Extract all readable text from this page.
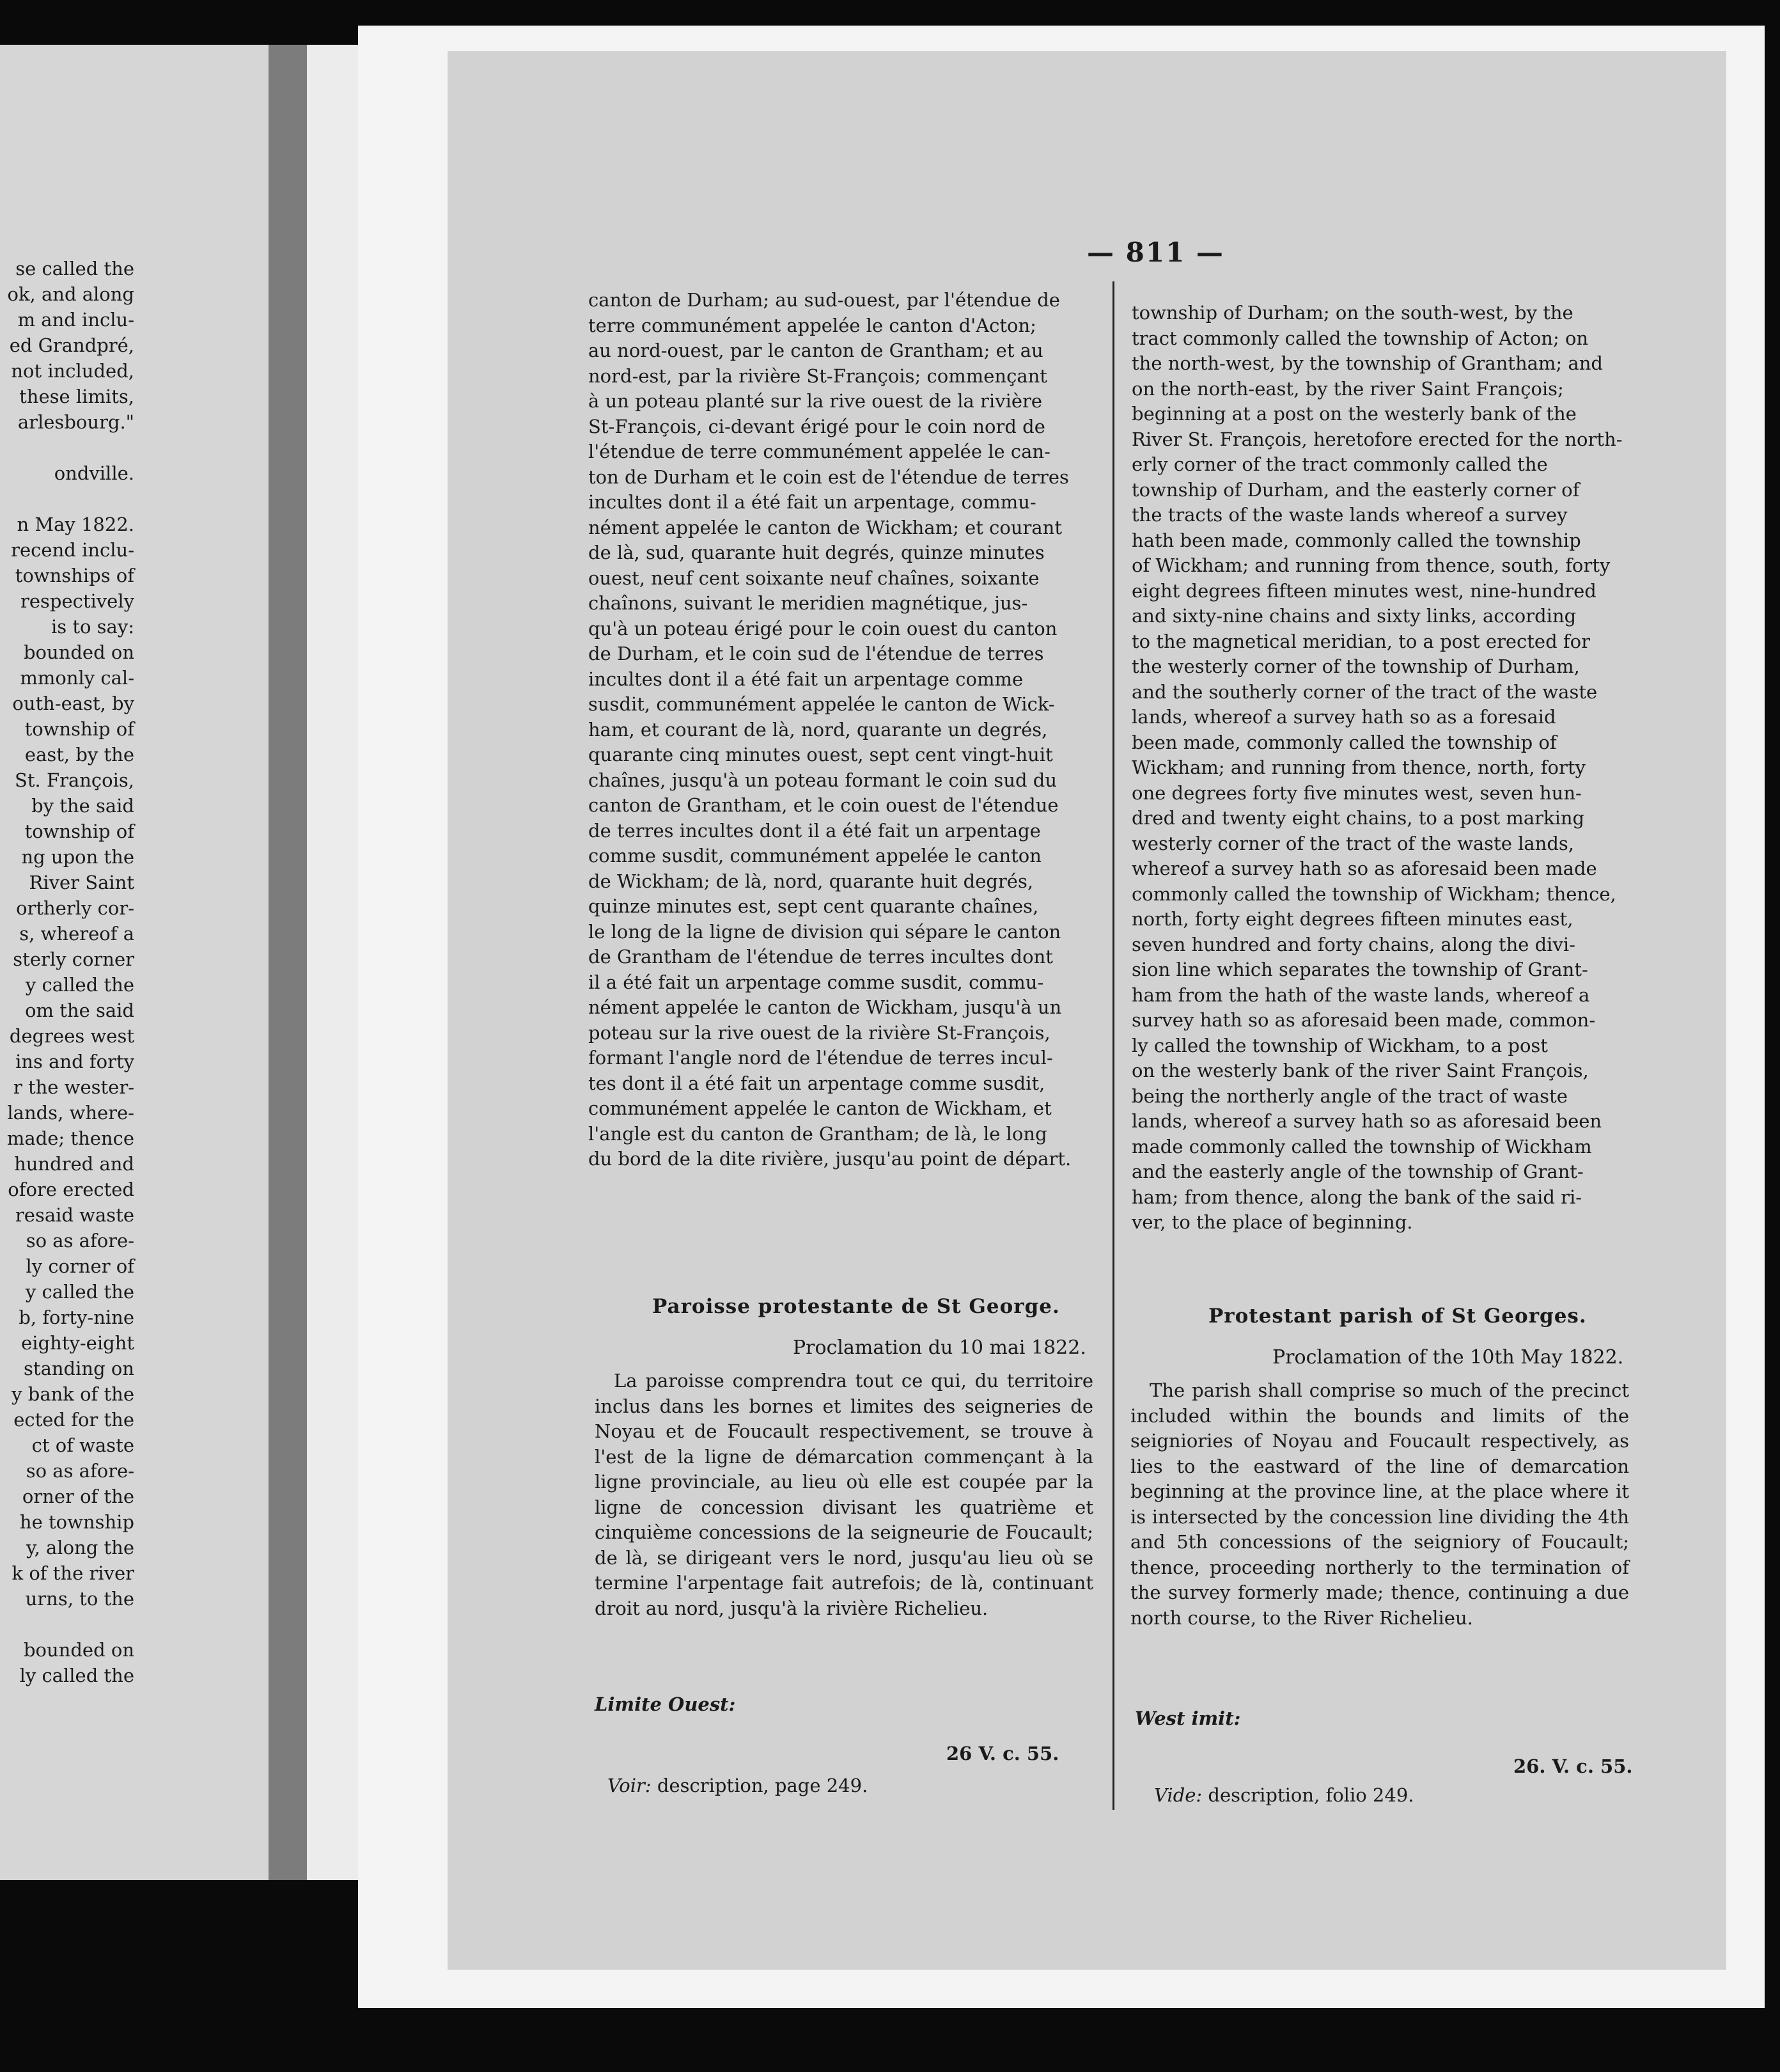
se called the
ok, and along
m and inclu-
ed Grandpré,
not included,
these limits,
arlesbourg."

ondville.

n May 1822.
recend inclu-
townships of
respectively
is to say:
bounded on
mmonly cal-
outh-east, by
township of
east, by the
St. François,
by the said
township of
ng upon the
River Saint
ortherly cor-
s, whereof a
sterly corner
y called the
om the said
degrees west
ins and forty
r the wester-
lands, where-
made; thence
hundred and
ofore erected
resaid waste
so as afore-
ly corner of
y called the
b, forty-nine
eighty-eight
standing on
y bank of the
ected for the
ct of waste
so as afore-
orner of the
he township
y, along the
k of the river
urns, to the

bounded on
ly called the
— 811 —
canton de Durham; au sud-ouest, par l'étendue de
terre communément appelée le canton d'Acton;
au nord-ouest, par le canton de Grantham; et au
nord-est, par la rivière St-François; commençant
à un poteau planté sur la rive ouest de la rivière
St-François, ci-devant érigé pour le coin nord de
l'étendue de terre communément appelée le can-
ton de Durham et le coin est de l'étendue de terres
incultes dont il a été fait un arpentage, commu-
nément appelée le canton de Wickham; et courant
de là, sud, quarante huit degrés, quinze minutes
ouest, neuf cent soixante neuf chaînes, soixante
chaînons, suivant le meridien magnétique, jus-
qu'à un poteau érigé pour le coin ouest du canton
de Durham, et le coin sud de l'étendue de terres
incultes dont il a été fait un arpentage comme
susdit, communément appelée le canton de Wick-
ham, et courant de là, nord, quarante un degrés,
quarante cinq minutes ouest, sept cent vingt-huit
chaînes, jusqu'à un poteau formant le coin sud du
canton de Grantham, et le coin ouest de l'étendue
de terres incultes dont il a été fait un arpentage
comme susdit, communément appelée le canton
de Wickham; de là, nord, quarante huit degrés,
quinze minutes est, sept cent quarante chaînes,
le long de la ligne de division qui sépare le canton
de Grantham de l'étendue de terres incultes dont
il a été fait un arpentage comme susdit, commu-
nément appelée le canton de Wickham, jusqu'à un
poteau sur la rive ouest de la rivière St-François,
formant l'angle nord de l'étendue de terres incul-
tes dont il a été fait un arpentage comme susdit,
communément appelée le canton de Wickham, et
l'angle est du canton de Grantham; de là, le long
du bord de la dite rivière, jusqu'au point de départ.
township of Durham; on the south-west, by the
tract commonly called the township of Acton; on
the north-west, by the township of Grantham; and
on the north-east, by the river Saint François;
beginning at a post on the westerly bank of the
River St. François, heretofore erected for the north-
erly corner of the tract commonly called the
township of Durham, and the easterly corner of
the tracts of the waste lands whereof a survey
hath been made, commonly called the township
of Wickham; and running from thence, south, forty
eight degrees fifteen minutes west, nine-hundred
and sixty-nine chains and sixty links, according
to the magnetical meridian, to a post erected for
the westerly corner of the township of Durham,
and the southerly corner of the tract of the waste
lands, whereof a survey hath so as a foresaid
been made, commonly called the township of
Wickham; and running from thence, north, forty
one degrees forty five minutes west, seven hun-
dred and twenty eight chains, to a post marking
westerly corner of the tract of the waste lands,
whereof a survey hath so as aforesaid been made
commonly called the township of Wickham; thence,
north, forty eight degrees fifteen minutes east,
seven hundred and forty chains, along the divi-
sion line which separates the township of Grant-
ham from the hath of the waste lands, whereof a
survey hath so as aforesaid been made, common-
ly called the township of Wickham, to a post
on the westerly bank of the river Saint François,
being the northerly angle of the tract of waste
lands, whereof a survey hath so as aforesaid been
made commonly called the township of Wickham
and the easterly angle of the township of Grant-
ham; from thence, along the bank of the said ri-
ver, to the place of beginning.
Paroisse protestante de St George.	Protestant parish of St Georges.
Proclamation du 10 mai 1822.	Proclamation of the 10th May 1822.
La paroisse comprendra tout ce qui, du territoire inclus dans les bornes et limites des seigneries de Noyau et de Foucault respectivement, se trouve à l'est de la ligne de démarcation commençant à la ligne provinciale, au lieu où elle est coupée par la ligne de concession divisant les quatrième et cinquième concessions de la seigneurie de Foucault; de là, se dirigeant vers le nord, jusqu'au lieu où se termine l'arpentage fait autrefois; de là, continuant droit au nord, jusqu'à la rivière Richelieu.
The parish shall comprise so much of the precinct included within the bounds and limits of the seigniories of Noyau and Foucault respectively, as lies to the eastward of the line of demarcation beginning at the province line, at the place where it is intersected by the concession line dividing the 4th and 5th concessions of the seigniory of Foucault; thence, proceeding northerly to the termination of the survey formerly made; thence, continuing a due north course, to the River Richelieu.
Limite Ouest:
West imit:
26 V. c. 55.
26. V. c. 55.
Voir: description, page 249.	Vide: description, folio 249.
